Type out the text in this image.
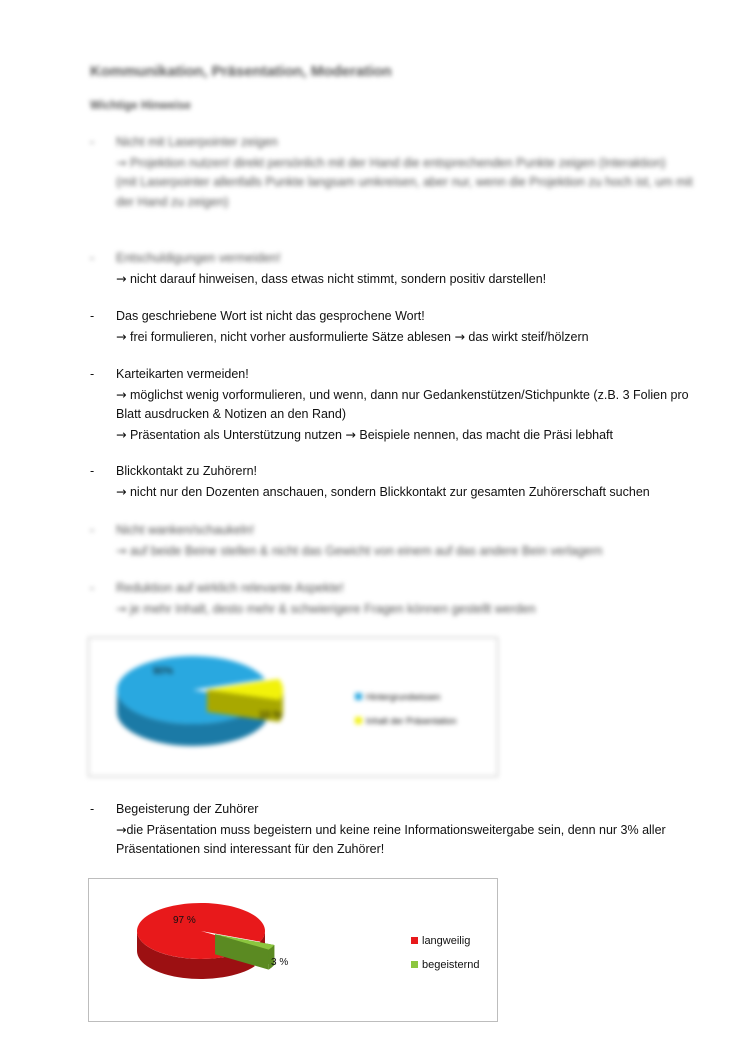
Kommunikation, Präsentation, Moderation
Wichtige Hinweise
-	Nicht mit Laserpointer zeigen
→ Projektion nutzen! direkt persönlich mit der Hand die entsprechenden Punkte zeigen (Interaktion)
(mit Laserpointer allenfalls Punkte langsam umkreisen, aber nur, wenn die Projektion zu hoch ist, um mit der Hand zu zeigen)
-	Entschuldigungen vermeiden!
→ nicht darauf hinweisen, dass etwas nicht stimmt, sondern positiv darstellen!
-	Das geschriebene Wort ist nicht das gesprochene Wort!
→ frei formulieren, nicht vorher ausformulierte Sätze ablesen → das wirkt steif/hölzern
-	Karteikarten vermeiden!
→ möglichst wenig vorformulieren, und wenn, dann nur Gedankenstützen/Stichpunkte (z.B. 3 Folien pro Blatt ausdrucken & Notizen an den Rand)
→ Präsentation als Unterstützung nutzen → Beispiele nennen, das macht die Präsi lebhaft
-	Blickkontakt zu Zuhörern!
→ nicht nur den Dozenten anschauen, sondern Blickkontakt zur gesamten Zuhörerschaft suchen
-	Nicht wanken/schaukeln!
→ auf beide Beine stellen & nicht das Gewicht von einem auf das andere Bein verlagern
-	Reduktion auf wirklich relevante Aspekte!
→ je mehr Inhalt, desto mehr & schwierigere Fragen können gestellt werden
90%
10 %
Hintergrundwissen
Inhalt der Präsentation
-	Begeisterung der Zuhörer
→die Präsentation muss begeistern und keine reine Informationsweitergabe sein, denn nur 3% aller Präsentationen sind interessant für den Zuhörer!
97 %
3 %
langweilig
begeisternd
